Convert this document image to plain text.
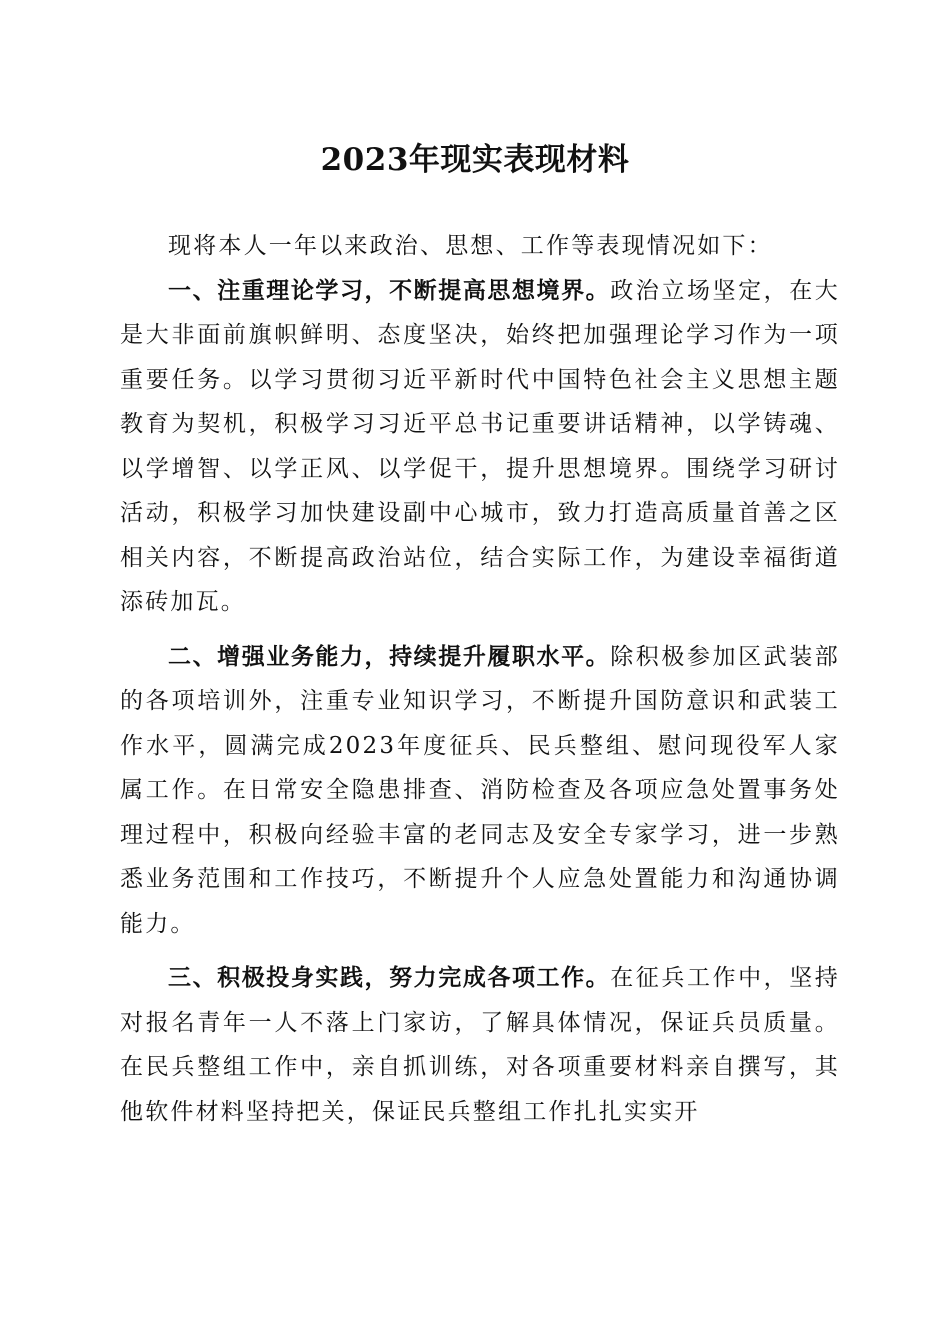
2023年现实表现材料

现将本人一年以来政治、思想、工作等表现情况如下：

一、注重理论学习，不断提高思想境界。政治立场坚定，在大是大非面前旗帜鲜明、态度坚决，始终把加强理论学习作为一项重要任务。以学习贯彻习近平新时代中国特色社会主义思想主题教育为契机，积极学习习近平总书记重要讲话精神，以学铸魂、以学增智、以学正风、以学促干，提升思想境界。围绕学习研讨活动，积极学习加快建设副中心城市，致力打造高质量首善之区相关内容，不断提高政治站位，结合实际工作，为建设幸福街道添砖加瓦。

二、增强业务能力，持续提升履职水平。除积极参加区武装部的各项培训外，注重专业知识学习，不断提升国防意识和武装工作水平，圆满完成2023年度征兵、民兵整组、慰问现役军人家属工作。在日常安全隐患排查、消防检查及各项应急处置事务处理过程中，积极向经验丰富的老同志及安全专家学习，进一步熟悉业务范围和工作技巧，不断提升个人应急处置能力和沟通协调能力。

三、积极投身实践，努力完成各项工作。在征兵工作中，坚持对报名青年一人不落上门家访，了解具体情况，保证兵员质量。在民兵整组工作中，亲自抓训练，对各项重要材料亲自撰写，其他软件材料坚持把关，保证民兵整组工作扎扎实实开
